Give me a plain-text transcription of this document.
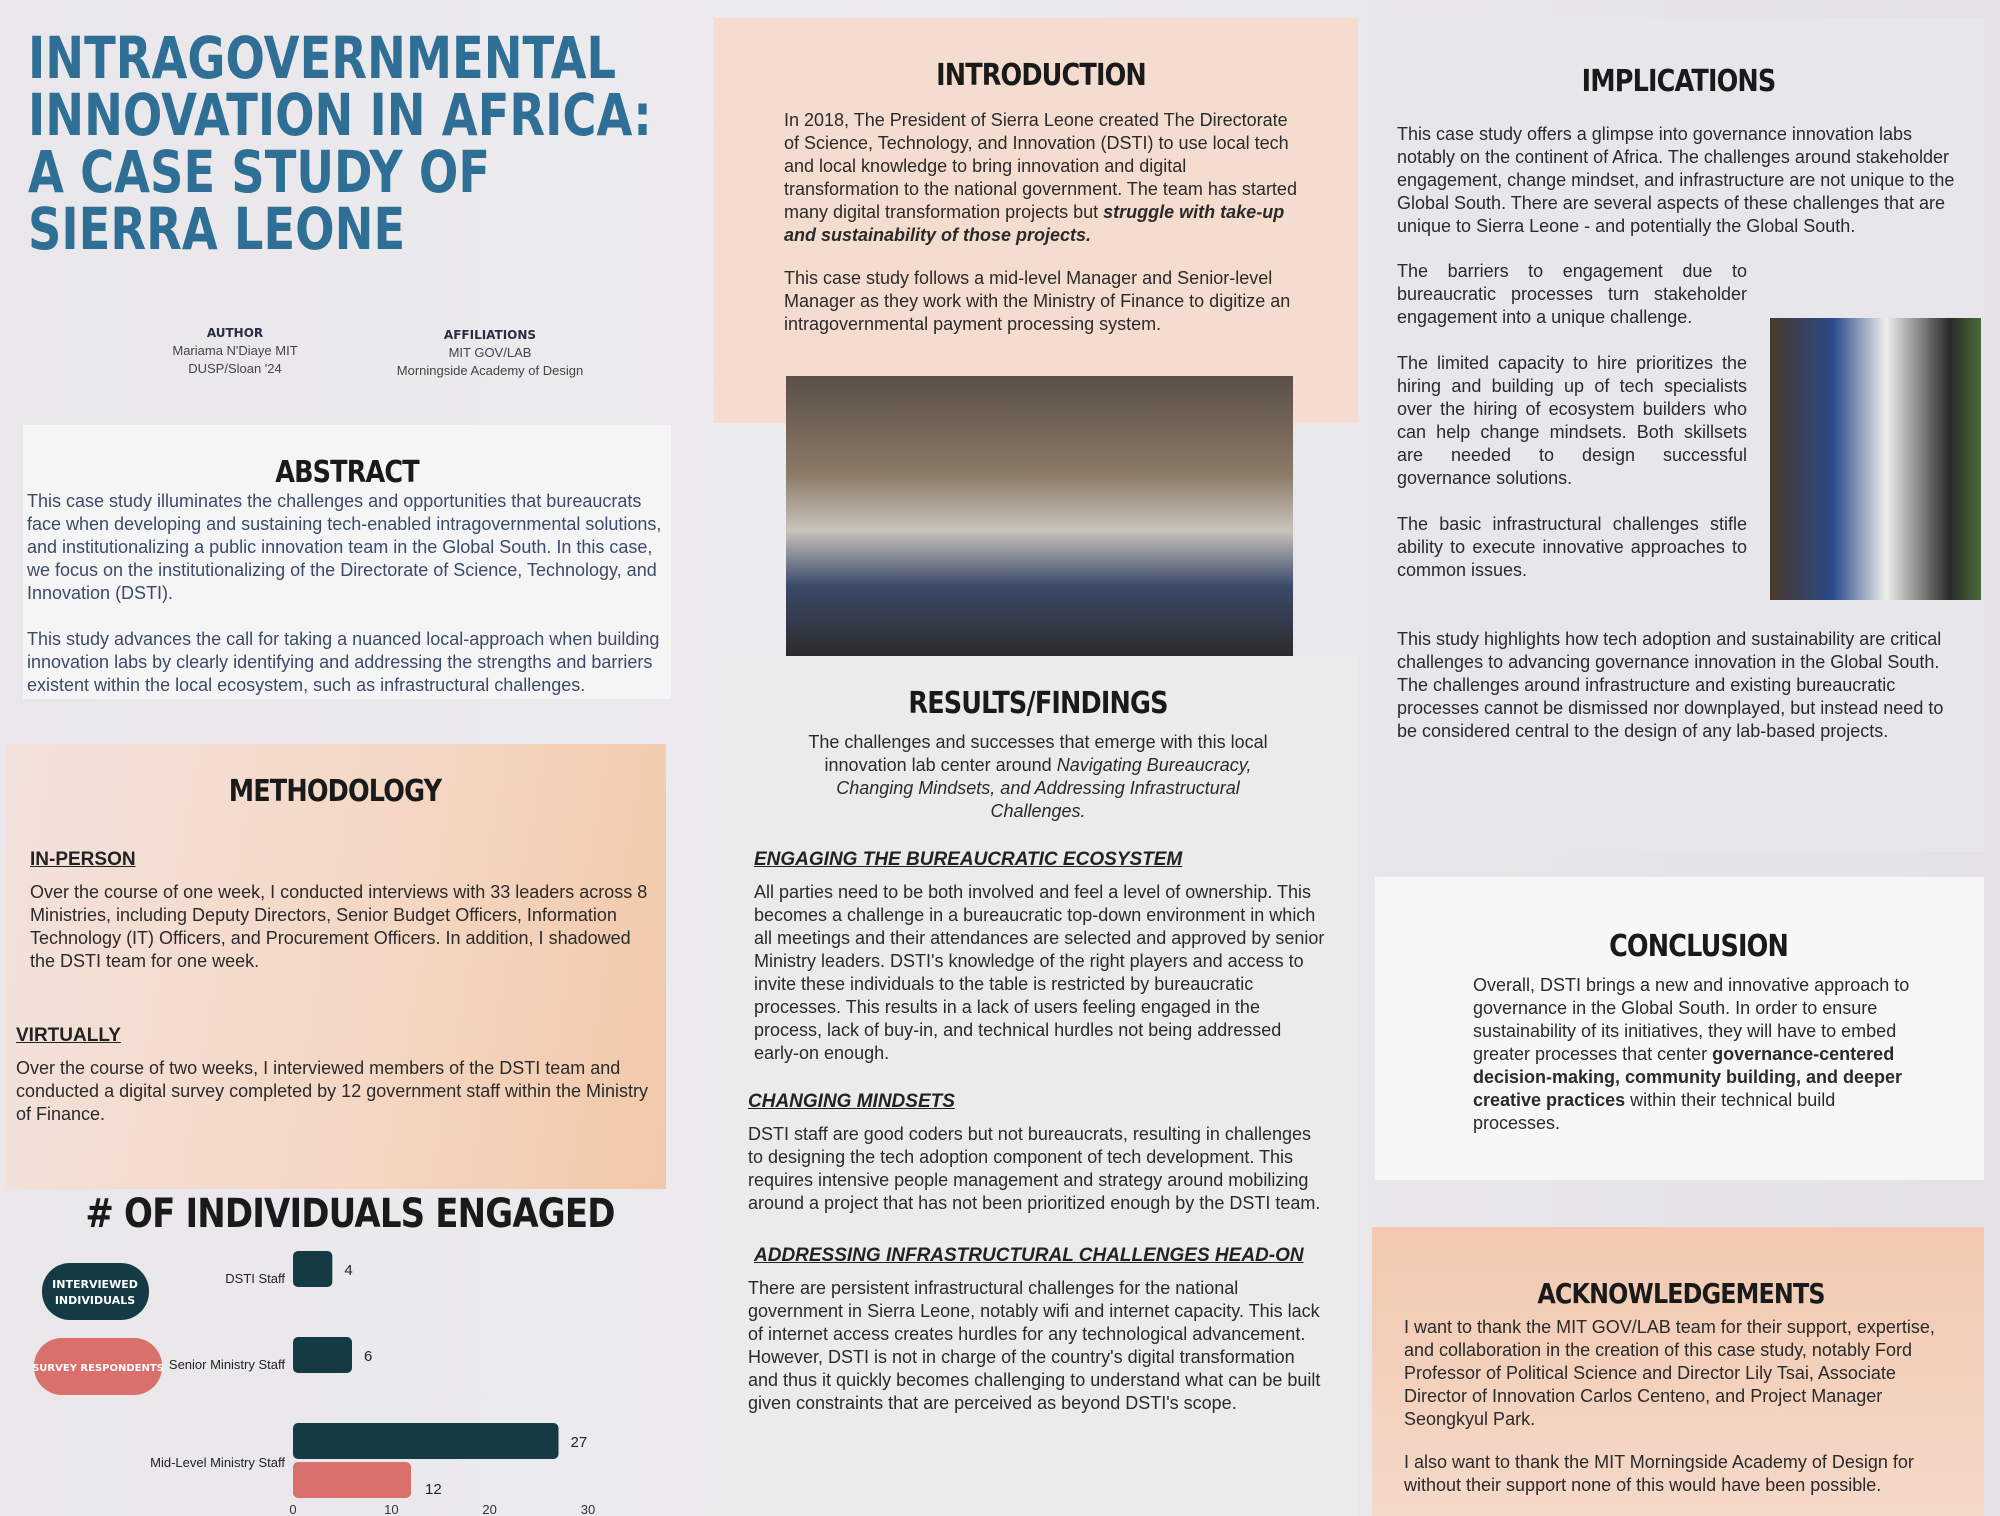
INTRAGOVERNMENTAL INNOVATION IN AFRICA: A CASE STUDY OF SIERRA LEONE
AUTHOR
Mariama N'Diaye MIT
DUSP/Sloan '24
AFFILIATIONS
MIT GOV/LAB
Morningside Academy of Design
ABSTRACT

This case study illuminates the challenges and opportunities that bureaucrats face when developing and sustaining tech-enabled intragovernmental solutions, and institutionalizing a public innovation team in the Global South. In this case, we focus on the institutionalizing of the Directorate of Science, Technology, and Innovation (DSTI).

This study advances the call for taking a nuanced local-approach when building innovation labs by clearly identifying and addressing the strengths and barriers existent within the local ecosystem, such as infrastructural challenges.

METHODOLOGY
IN-PERSON

Over the course of one week, I conducted interviews with 33 leaders across 8 Ministries, including Deputy Directors, Senior Budget Officers, Information Technology (IT) Officers, and Procurement Officers. In addition, I shadowed the DSTI team for one week.

VIRTUALLY

Over the course of two weeks, I interviewed members of the DSTI team and conducted a digital survey completed by 12 government staff within the Ministry of Finance.

# OF INDIVIDUALS ENGAGED
DSTI Staff	4
Senior Ministry Staff	6
Mid-Level Ministry Staff
27
12
0	10	20	30
INTERVIEWED
INDIVIDUALS
SURVEY RESPONDENTS
INTRODUCTION

In 2018, The President of Sierra Leone created The Directorate of Science, Technology, and Innovation (DSTI) to use local tech and local knowledge to bring innovation and digital transformation to the national government. The team has started many digital transformation projects but struggle with take-up and sustainability of those projects.

This case study follows a mid-level Manager and Senior-level Manager as they work with the Ministry of Finance to digitize an intragovernmental payment processing system.

RESULTS/FINDINGS

The challenges and successes that emerge with this local innovation lab center around Navigating Bureaucracy, Changing Mindsets, and Addressing Infrastructural Challenges.

ENGAGING THE BUREAUCRATIC ECOSYSTEM

All parties need to be both involved and feel a level of ownership. This becomes a challenge in a bureaucratic top-down environment in which all meetings and their attendances are selected and approved by senior Ministry leaders. DSTI's knowledge of the right players and access to invite these individuals to the table is restricted by bureaucratic processes. This results in a lack of users feeling engaged in the process, lack of buy-in, and technical hurdles not being addressed early-on enough.

CHANGING MINDSETS

DSTI staff are good coders but not bureaucrats, resulting in challenges to designing the tech adoption component of tech development. This requires intensive people management and strategy around mobilizing around a project that has not been prioritized enough by the DSTI team.

ADDRESSING INFRASTRUCTURAL CHALLENGES HEAD-ON

There are persistent infrastructural challenges for the national government in Sierra Leone, notably wifi and internet capacity. This lack of internet access creates hurdles for any technological advancement. However, DSTI is not in charge of the country's digital transformation and thus it quickly becomes challenging to understand what can be built given constraints that are perceived as beyond DSTI's scope.

IMPLICATIONS

This case study offers a glimpse into governance innovation labs notably on the continent of Africa. The challenges around stakeholder engagement, change mindset, and infrastructure are not unique to the Global South. There are several aspects of these challenges that are unique to Sierra Leone - and potentially the Global South.

The barriers to engagement due to bureaucratic processes turn stakeholder engagement into a unique challenge.

The limited capacity to hire prioritizes the hiring and building up of tech specialists over the hiring of ecosystem builders who can help change mindsets. Both skillsets are needed to design successful governance solutions.

The basic infrastructural challenges stifle ability to execute innovative approaches to common issues.

This study highlights how tech adoption and sustainability are critical challenges to advancing governance innovation in the Global South. The challenges around infrastructure and existing bureaucratic processes cannot be dismissed nor downplayed, but instead need to be considered central to the design of any lab-based projects.

CONCLUSION

Overall, DSTI brings a new and innovative approach to governance in the Global South. In order to ensure sustainability of its initiatives, they will have to embed greater processes that center governance-centered decision-making, community building, and deeper creative practices within their technical build processes.

ACKNOWLEDGEMENTS

I want to thank the MIT GOV/LAB team for their support, expertise, and collaboration in the creation of this case study, notably Ford Professor of Political Science and Director Lily Tsai, Associate Director of Innovation Carlos Centeno, and Project Manager Seongkyul Park.

I also want to thank the MIT Morningside Academy of Design for without their support none of this would have been possible.
